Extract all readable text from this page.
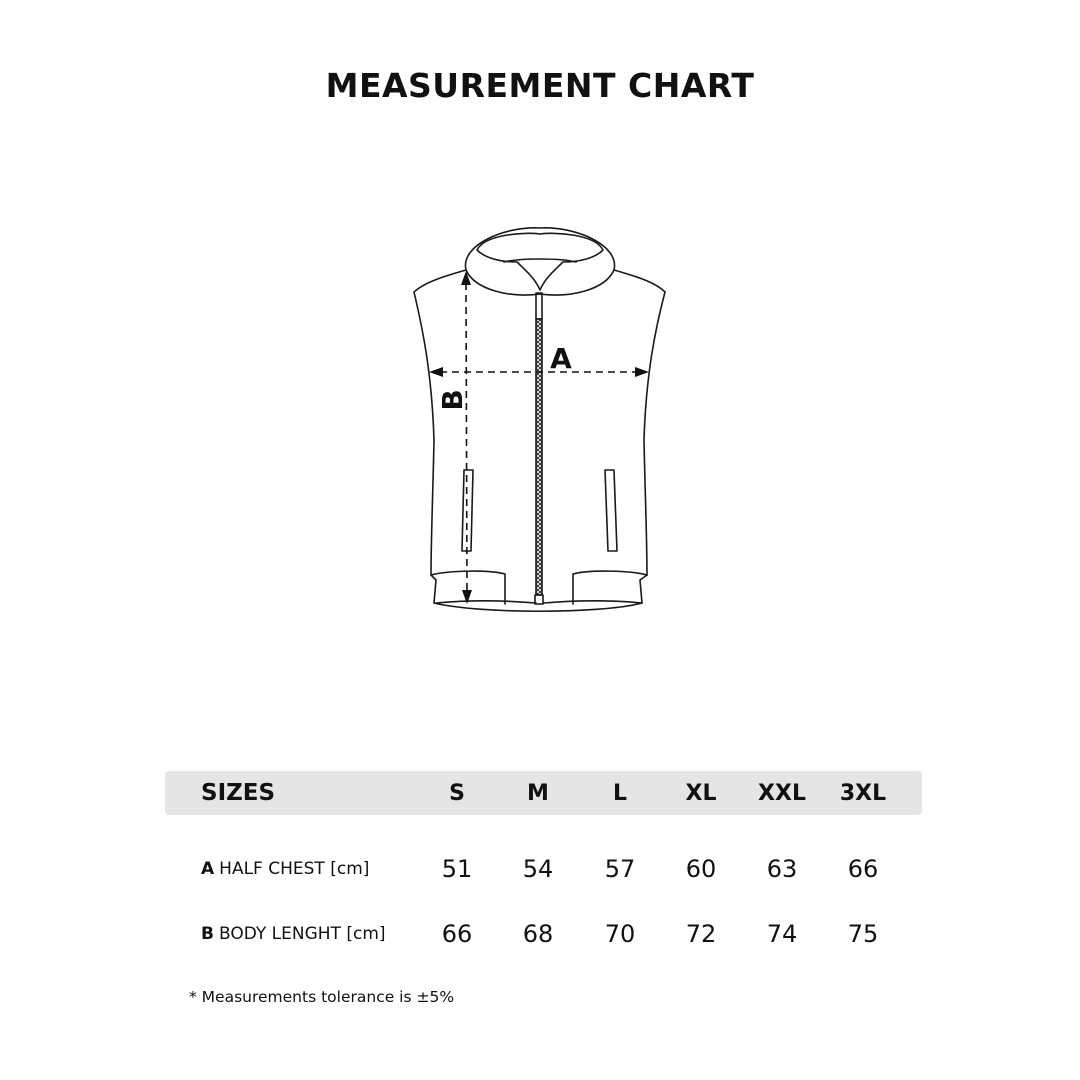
MEASUREMENT CHART
A
B
SIZES	S	M	L	XL	XXL	3XL
A HALF CHEST [cm]	51	54	57	60	63	66
B BODY LENGHT [cm]	66	68	70	72	74	75
* Measurements tolerance is ±5%
